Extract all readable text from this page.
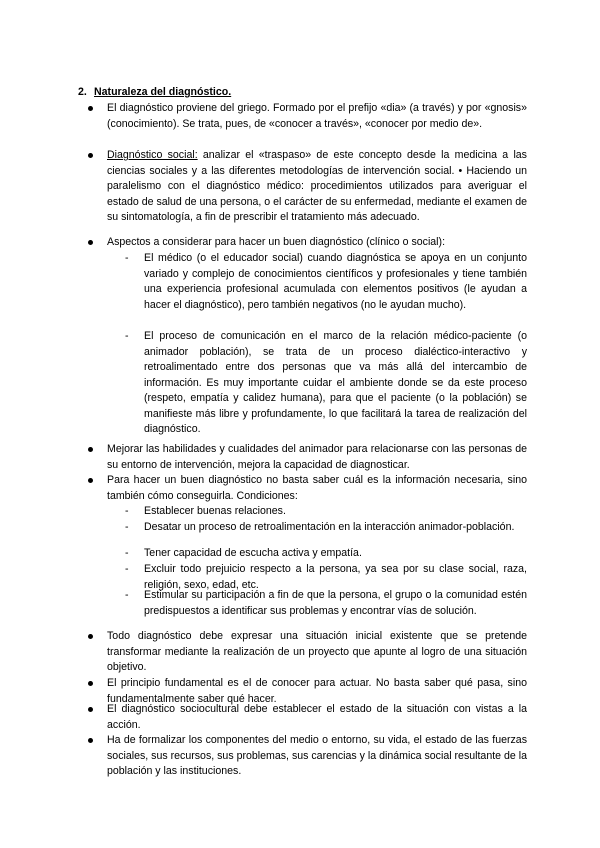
2. Naturaleza del diagnóstico.

El diagnóstico proviene del griego. Formado por el prefijo «dia» (a través) y por «gnosis» (conocimiento). Se trata, pues, de «conocer a través», «conocer por medio de».

Diagnóstico social: analizar el «traspaso» de este concepto desde la medicina a las ciencias sociales y a las diferentes metodologías de intervención social. • Haciendo un paralelismo con el diagnóstico médico: procedimientos utilizados para averiguar el estado de salud de una persona, o el carácter de su enfermedad, mediante el examen de su sintomatología, a fin de prescribir el tratamiento más adecuado.

Aspectos a considerar para hacer un buen diagnóstico (clínico o social):

- El médico (o el educador social) cuando diagnóstica se apoya en un conjunto variado y complejo de conocimientos científicos y profesionales y tiene también una experiencia profesional acumulada con elementos positivos (le ayudan a hacer el diagnóstico), pero también negativos (no le ayudan mucho).

- El proceso de comunicación en el marco de la relación médico-paciente (o animador población), se trata de un proceso dialéctico-interactivo y retroalimentado entre dos personas que va más allá del intercambio de información. Es muy importante cuidar el ambiente donde se da este proceso (respeto, empatía y calidez humana), para que el paciente (o la población) se manifieste más libre y profundamente, lo que facilitará la tarea de realización del diagnóstico.

Mejorar las habilidades y cualidades del animador para relacionarse con las personas de su entorno de intervención, mejora la capacidad de diagnosticar.

Para hacer un buen diagnóstico no basta saber cuál es la información necesaria, sino también cómo conseguirla. Condiciones:

- Establecer buenas relaciones.

- Desatar un proceso de retroalimentación en la interacción animador-población.

- Tener capacidad de escucha activa y empatía.

- Excluir todo prejuicio respecto a la persona, ya sea por su clase social, raza, religión, sexo, edad, etc.

- Estimular su participación a fin de que la persona, el grupo o la comunidad estén predispuestos a identificar sus problemas y encontrar vías de solución.

Todo diagnóstico debe expresar una situación inicial existente que se pretende transformar mediante la realización de un proyecto que apunte al logro de una situación objetivo.

El principio fundamental es el de conocer para actuar. No basta saber qué pasa, sino fundamentalmente saber qué hacer.

El diagnóstico sociocultural debe establecer el estado de la situación con vistas a la acción.

Ha de formalizar los componentes del medio o entorno, su vida, el estado de las fuerzas sociales, sus recursos, sus problemas, sus carencias y la dinámica social resultante de la población y las instituciones.
